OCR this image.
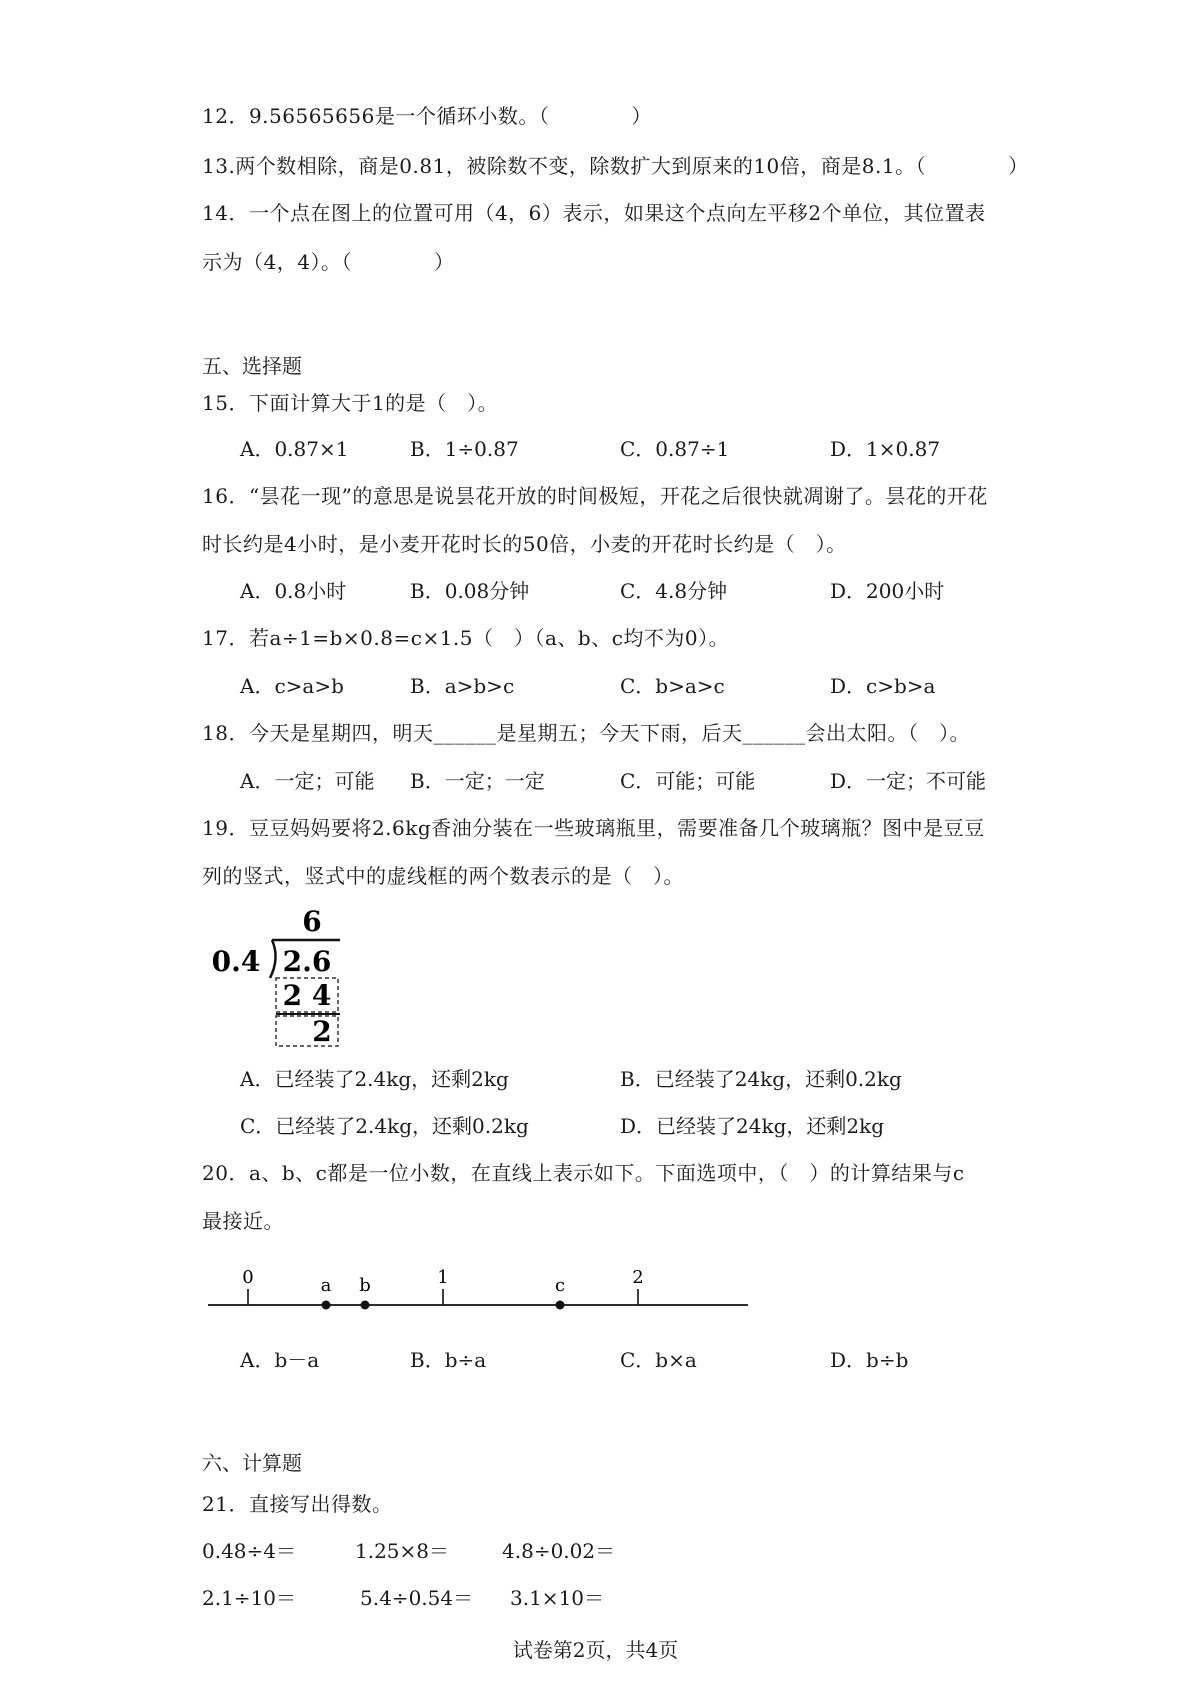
12．9.56565656是一个循环小数。（　　　　）
13.两个数相除，商是0.81，被除数不变，除数扩大到原来的10倍，商是8.1。（　　　　）
14．一个点在图上的位置可用（4，6）表示，如果这个点向左平移2个单位，其位置表
示为（4，4）。（　　　　）
五、选择题
15．下面计算大于1的是（　）。
A．0.87×1	B．1÷0.87	C．0.87÷1	D．1×0.87
16．“昙花一现”的意思是说昙花开放的时间极短，开花之后很快就凋谢了。昙花的开花
时长约是4小时，是小麦开花时长的50倍，小麦的开花时长约是（　）。
A．0.8小时	B．0.08分钟	C．4.8分钟	D．200小时
17．若a÷1=b×0.8=c×1.5（　）（a、b、c均不为0）。
A．c>a>b	B．a>b>c	C．b>a>c	D．c>b>a
18．今天是星期四，明天______是星期五；今天下雨，后天______会出太阳。（　）。
A．一定；可能 B．一定；一定	C．可能；可能	D．一定；不可能
19．豆豆妈妈要将2.6kg香油分装在一些玻璃瓶里，需要准备几个玻璃瓶？图中是豆豆
列的竖式，竖式中的虚线框的两个数表示的是（　）。
6
0.4 2.6
2 4
2
A．已经装了2.4kg，还剩2kg	B．已经装了24kg，还剩0.2kg
C．已经装了2.4kg，还剩0.2kg	D．已经装了24kg，还剩2kg
20．a、b、c都是一位小数，在直线上表示如下。下面选项中，（　）的计算结果与c
最接近。
0	1	2
a b	c
A．b－a	B．b÷a	C．b×a	D．b÷b
六、计算题
21．直接写出得数。
0.48÷4＝	1.25×8＝	4.8÷0.02＝
2.1÷10＝	5.4÷0.54＝ 3.1×10＝
试卷第2页，共4页
